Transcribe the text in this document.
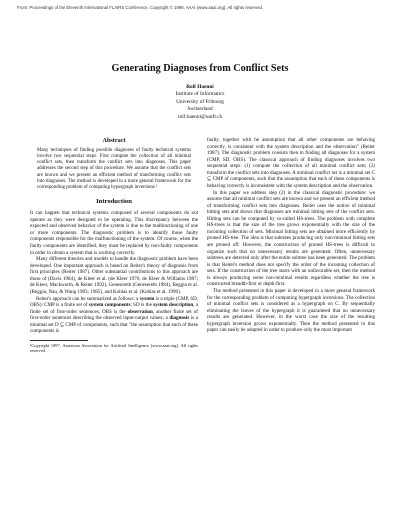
From: Proceedings of the Eleventh International FLAIRS Conference. Copyright © 1998, AAAI (www.aaai.org). All rights reserved.
Generating Diagnoses from Conflict Sets
Rolf Haenni
Institute of Informatics
University of Fribourg
Switzerland
rolf.haenni@unifr.ch
Abstract
Many techniques of finding possible diagnoses of faulty technical systems involve two sequential steps. First compute the collection of all minimal conflict sets, then transform the conflict sets into diagnoses. This paper addresses the second step of this procedure. We assume that the conflict sets are known and we present an efficient method of transforming conflict sets into diagnoses. The method is developed in a more general framework for the corresponding problem of computing hypergraph inversions.¹
Introduction

It can happen that technical systems composed of several components do not operate as they were designed to be operating. This discrepancy between the expected and observed behavior of the system is due to the malfunctioning of one or more components. The diagnostic problem is to identify those faulty components responsible for the malfunctioning of the system. Of course, when the faulty components are identified, they must be replaced by non-faulty components in order to obtain a system that is working correctly.

Many different theories and models to handle the diagnostic problem have been developed. One important approach is based on Reiter's theory of diagnosis from first principles (Reiter 1987). Other substantial contributions to this approach are those of (Davis 1984), de Kleer et al. (de Kleer 1976; de Kleer & Williams 1987; de Kleer, Mackworth, & Reiter 1992), Genesereth (Genesereth 1984), Reggia et al. (Reggia, Nau, & Wang 1983; 1985), and Kohlas et al. (Kohlas et al. 1996).

Reiter's approach can be summarized as follows: a system is a triple (CMP, SD, OBS): CMP is a finite set of system components; SD is the system description, a finite set of first-order sentences; OBS is the observation, another finite set of first-order sentences describing the observed input-output values; a diagnosis is a minimal set D ⊆ CMP of components, such that "the assumption that each of these components is

¹Copyright 1997, American Association for Artificial Intelligence (www.aaai.org). All rights reserved.

faulty, together with he assumption that all other components are behaving correctly, is consistent with the system description and the observation" (Reiter 1987). The diagnostic problem consists then in finding all diagnoses for a system (CMP, SD, OBS). The classical approach of finding diagnoses involves two sequential steps: (1) compute the collection of all minimal conflict sets; (2) transform the conflict sets into diagnoses. A minimal conflict set is a minimal set C ⊆ CMP of components, such that the assumption that each of these components is behaving correctly is inconsistent with the system description and the observation.

In this paper we address step (2) in the classical diagnostic procedure: we assume that all minimal conflict sets are known and we present an efficient method of transforming conflict sets into diagnoses. Reiter uses the notion of minimal hitting sets and shows that diagnoses are minimal hitting sets of the conflict sets. Hitting sets can be computed by so-called HS-trees. The problem with complete HS-trees is that the size of the tree grows exponentially with the size of the incoming collection of sets. Minimal hitting sets are obtained more efficiently by pruned HS-tree. The idea is that subtrees producing only non-minimal hitting sets are pruned off. However, the construction of pruned HS-trees is difficult to organize such that no unnecessary results are generated. Often, unnecessary subtrees are detected only after the entire subtree has been generated. The problem is that Reiter's method does not specify the order of the incoming collection of sets. If the construction of the tree starts with an unfavorable set, then the method is always producing some non-minimal results regardless whether the tree is constructed breadth-first or depth-first.

The method presented in this paper is developed in a more general framework for the corresponding problem of computing hypergraph inversions. The collection of minimal conflict sets is considered as a hypergraph on C. By sequentially eliminating the leaves of the hypergraph it is guaranteed that no unnecessary results are generated. However, in the worst case the size of the resulting hypergraph inversion grows exponentially. Then the method presented in this paper can easily be adapted in order to produce only the most important
